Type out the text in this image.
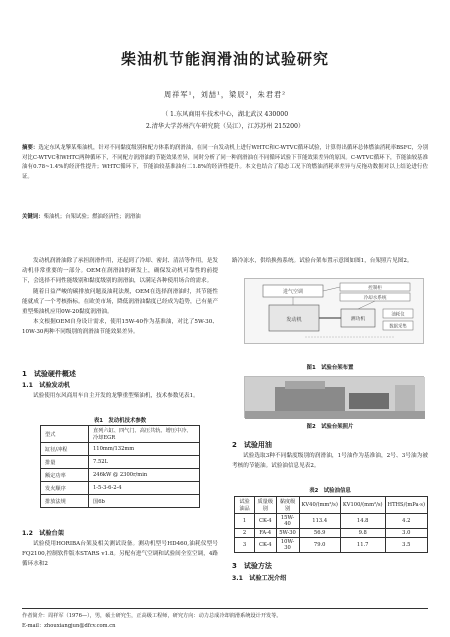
柴油机节能润滑油的试验研究
周祥军¹，刘喆¹，梁辰²，朱君君²
（ 1.东风商用车技术中心，湖北武汉 430000
2.清华大学苏州汽车研究院（吴江），江苏苏州 215200）
摘要：选定东风龙擎某柴油机，针对不同黏度级别和配方体系的润滑油，在同一台发动机上进行WHTC和C-WTVC循环试验，计算得出循环总体燃油消耗率BSFC，分别对比C-WTVC和WHTC两种循环下，不同配方润滑油的节能效果差异，同时分析了同一种润滑油在不同循环试验下节能效果差异的原因。C-WTVC循环下，节能油较基准油有0.78~1.4%的经济性提升；WHTC循环下，节能油较基准油有二1.8%的经济性提升。本文也结合了稳态工况下的燃油消耗率差异与反拖功数据对以上结论进行佐证。
关键词：柴油机；台架试验；燃油经济性；润滑油

发动机润滑油除了承担润滑作用，还起到了冷却、密封、清洁等作用，是发动机非常重要的一部分。OEM在润滑油的研发上，确保发动机可靠性的前提下，会选择不同性能级别和黏度级别的润滑油，以满足各种使用场合的需求。

随着日益严峻的碳排放问题及油耗法规，OEM在选择润滑油时，其节能性能就成了一个考核指标。在欧美市场，降低润滑油黏度已经成为趋势，已有量产重型柴油机应用0W-20黏度润滑油。

本文根据OEM自身设计需求，使用15W-40作为基准油，对比了5W-30、10W-30两种不同级别的润滑油节能效果差异。

1　试验硬件概述
1.1　试验发动机

试验使用东风商用车自主开发的龙擎重型柴油机，技术参数见表1。

表1　发动机技术参数
型式	直列六缸、四气门、高压共轨、增压中冷、冷却EGR
缸径/冲程	110mm/132mm
排量	7.52L
额定功率	246kW @ 2300r/min
发火顺序	1-5-3-6-2-4
排放法规	国6b
1.2　试验台架

试验使用HORIBA台架及相关测试设备。测功机型号HD460,油耗仪型号FQ2100,控制软件版本STARS v1.8。另配有进气空调和试验间全室空调，4路循环水和2

路冷冻水，供给换热系统。试验台架布置示意图如图1，台架照片见图2。

进气空调
控制柜
冷却水系统
发动机	测功机
油耗仪
数据采集
图1　试验台架布置
图2　试验台架照片
2　试验用油

试验选取3种不同黏度级别的润滑油，1号油作为基准油，2号、3号油为被考核的节能油。试验油信息见表2。

表2　试验油信息
试验油品	质量级别	黏度级别	KV40/(mm²/s)	KV100/(mm²/s)	HTHS/(mPa·s)
1	CK-4	15W-40	113.4	14.8	4.2
2	FA-4	5W-30	56.9	9.8	3.0
3	CK-4	10W-30	79.0	11.7	3.5
3　试验方法
3.1　试验工况介绍
作者简介：周祥军（1976—），男，硕士研究生，正高级工程师，研究方向：动力总成冷却润滑系统设计开发等。
E-mail：zhouxiangjun@dfcv.com.cn
